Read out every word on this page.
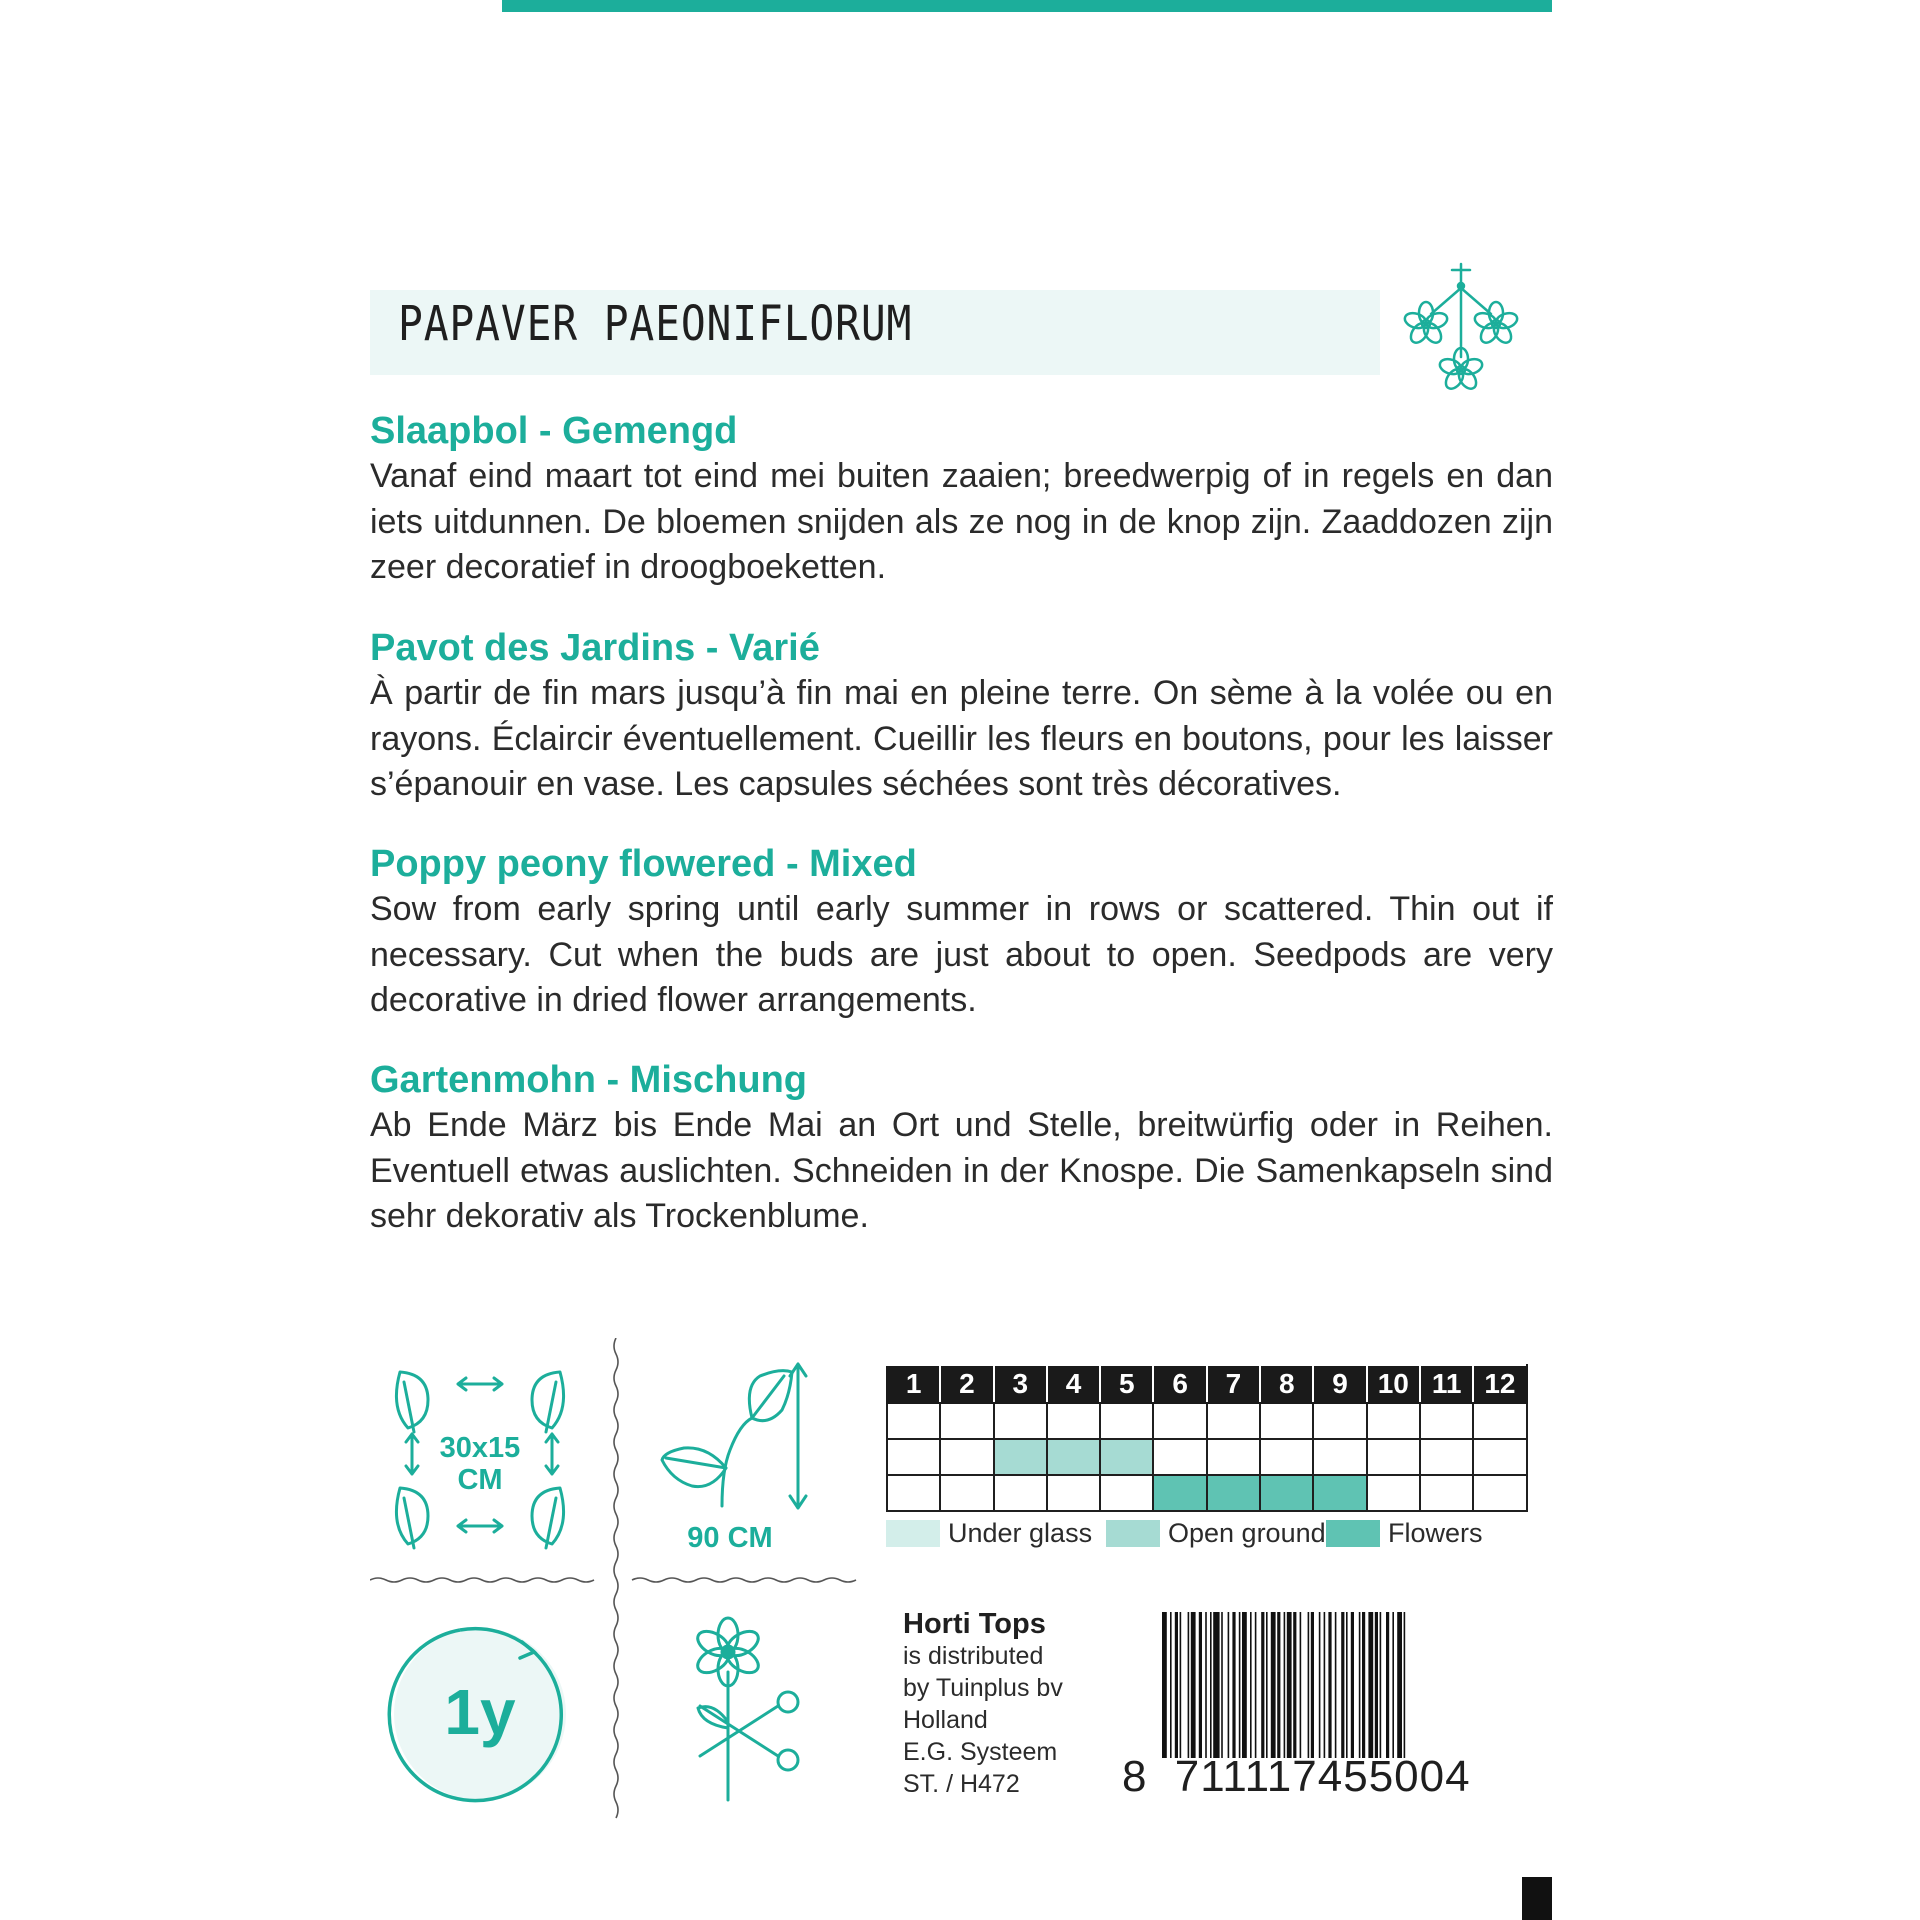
PAPAVER PAEONIFLORUM

Slaapbol - Gemengd

Vanaf eind maart tot eind mei buiten zaaien; breedwerpig of in regels en dan iets uitdunnen. De bloemen snijden als ze nog in de knop zijn. Zaaddozen zijn zeer decoratief in droogboeketten.

Pavot des Jardins - Varié

À partir de fin mars jusqu’à fin mai en pleine terre. On sème à la volée ou en rayons. Éclaircir éventuellement. Cueillir les fleurs en boutons, pour les laisser s’épanouir en vase. Les capsules séchées sont très décoratives.

Poppy peony flowered - Mixed

Sow from early spring until early summer in rows or scattered. Thin out if necessary. Cut when the buds are just about to open. Seedpods are very decorative in dried flower arrangements.

Gartenmohn - Mischung

Ab Ende März bis Ende Mai an Ort und Stelle, breitwürfig oder in Reihen. Eventuell etwas auslichten. Schneiden in der Knospe. Die Samenkapseln sind sehr dekorativ als Trockenblume.

30x15
CM
90 CM
1y
1	2	3	4	5	6	7	8	9	10	11	12

Under glass	Open ground Flowers
Horti Tops
is distributed
by Tuinplus bv
Holland
E.G. Systeem
ST. / H472	8 711117455004
